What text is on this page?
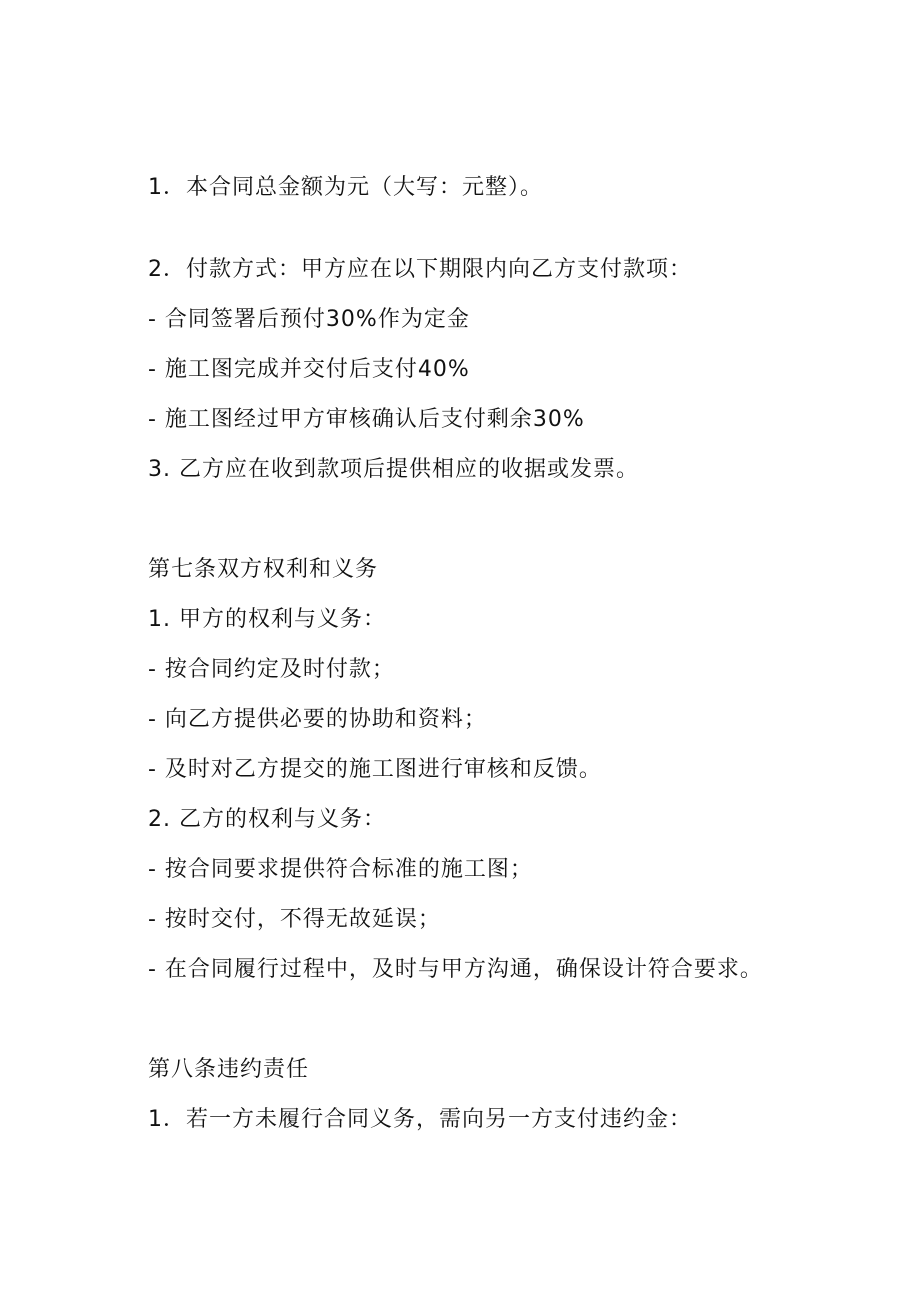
1．本合同总金额为元（大写：元整）。
2．付款方式：甲方应在以下期限内向乙方支付款项：
- 合同签署后预付30%作为定金
- 施工图完成并交付后支付40%
- 施工图经过甲方审核确认后支付剩余30%
3. 乙方应在收到款项后提供相应的收据或发票。
第七条双方权利和义务
1. 甲方的权利与义务：
- 按合同约定及时付款；
- 向乙方提供必要的协助和资料；
- 及时对乙方提交的施工图进行审核和反馈。
2. 乙方的权利与义务：
- 按合同要求提供符合标准的施工图；
- 按时交付，不得无故延误；
- 在合同履行过程中，及时与甲方沟通，确保设计符合要求。
第八条违约责任
1．若一方未履行合同义务，需向另一方支付违约金：
